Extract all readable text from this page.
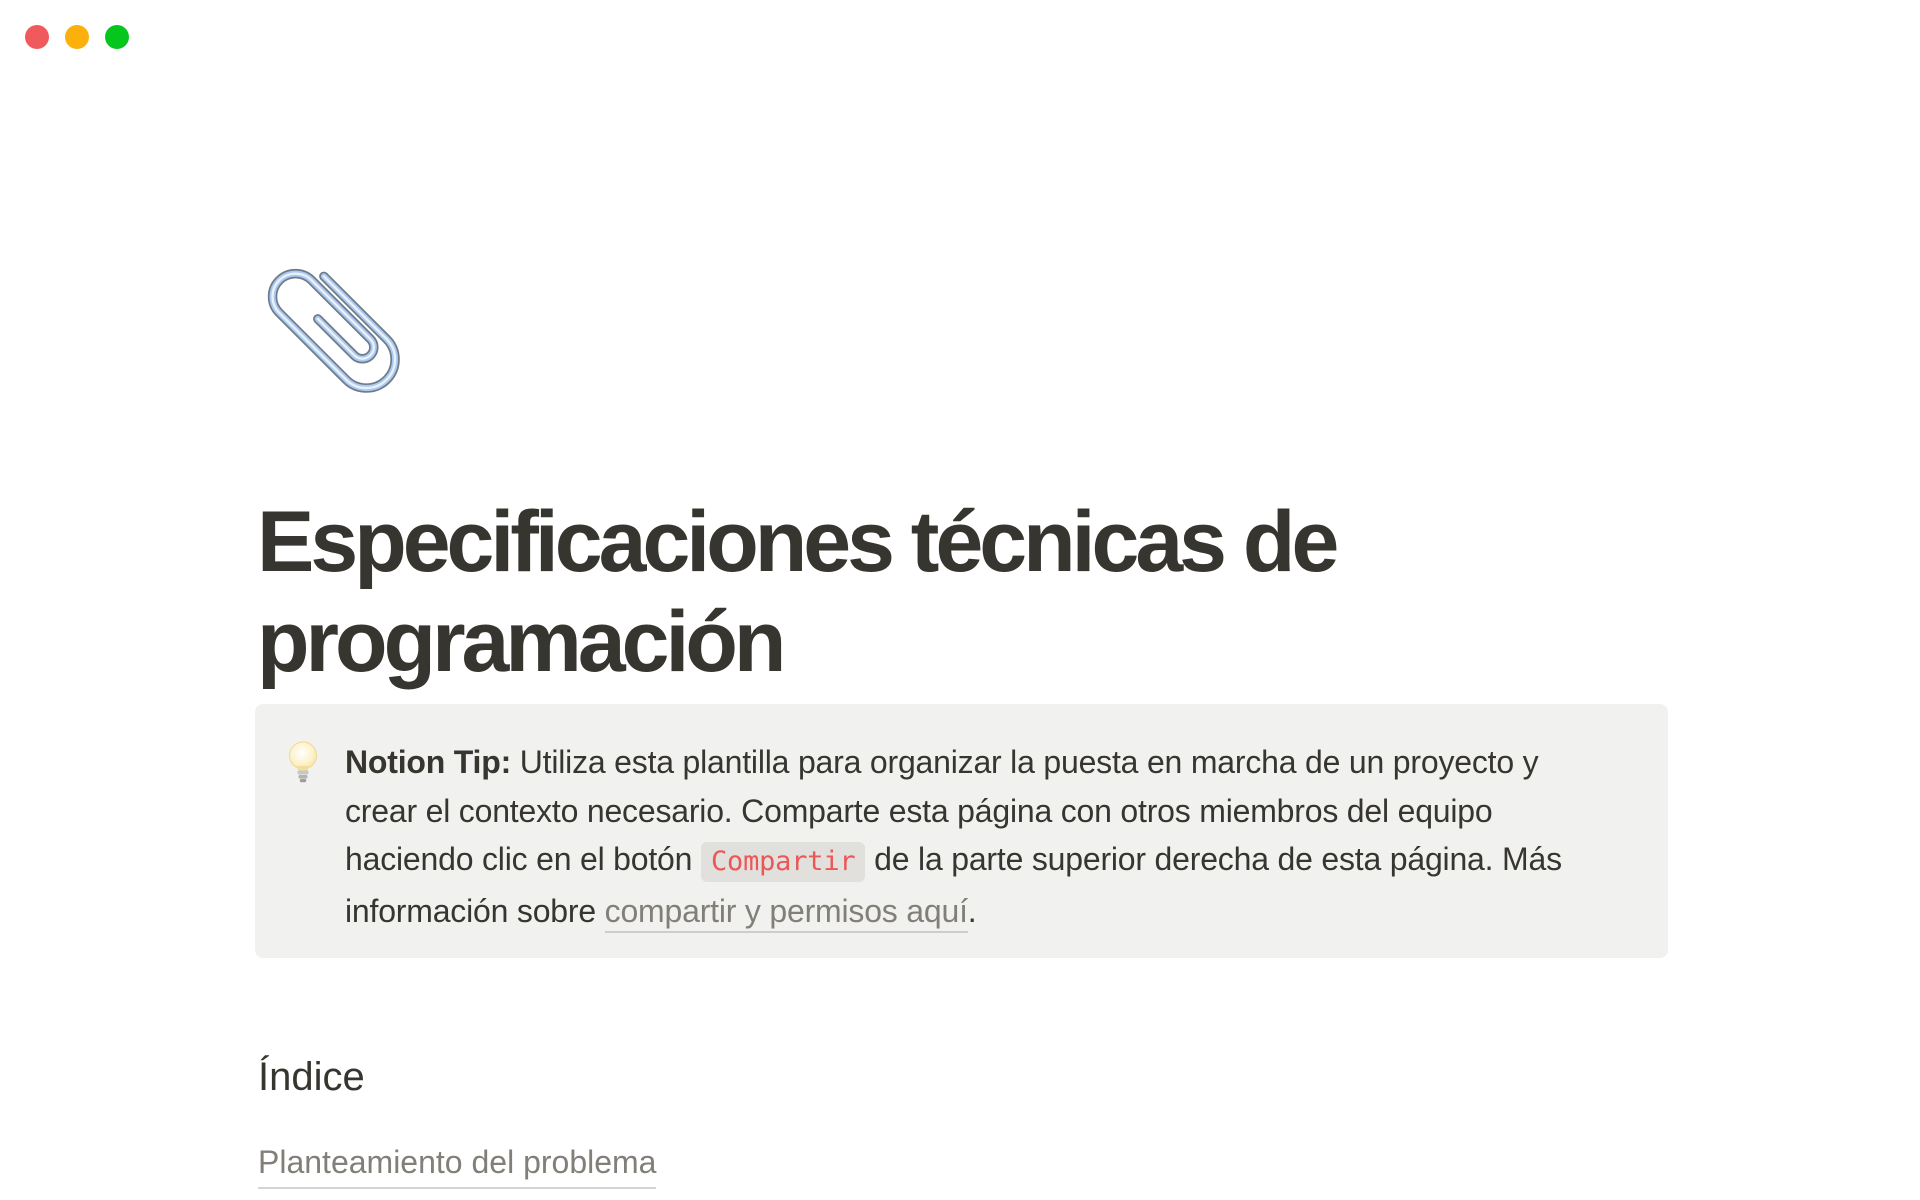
Especificaciones técnicas de
programación

Notion Tip: Utiliza esta plantilla para organizar la puesta en marcha de un proyecto y crear el contexto necesario. Comparte esta página con otros miembros del equipo haciendo clic en el botón Compartir de la parte superior derecha de esta página. Más información sobre compartir y permisos aquí.

Índice
Planteamiento del problema
